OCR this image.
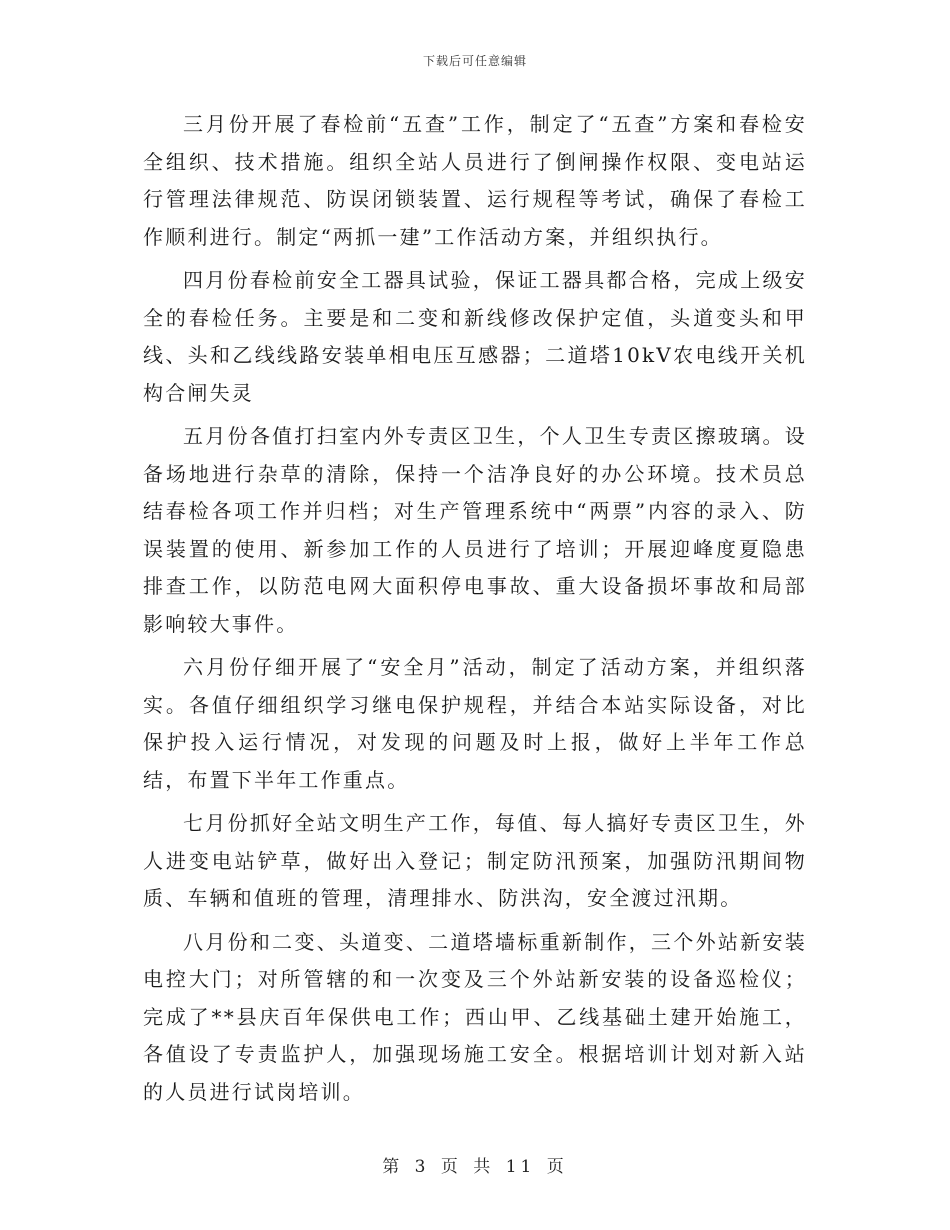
下载后可任意编辑

三月份开展了春检前“五查”工作，制定了“五查”方案和春检安全组织、技术措施。组织全站人员进行了倒闸操作权限、变电站运行管理法律规范、防误闭锁装置、运行规程等考试，确保了春检工作顺利进行。制定“两抓一建”工作活动方案，并组织执行。

四月份春检前安全工器具试验，保证工器具都合格，完成上级安全的春检任务。主要是和二变和新线修改保护定值，头道变头和甲线、头和乙线线路安装单相电压互感器；二道塔10kV农电线开关机构合闸失灵

五月份各值打扫室内外专责区卫生，个人卫生专责区擦玻璃。设备场地进行杂草的清除，保持一个洁净良好的办公环境。技术员总结春检各项工作并归档；对生产管理系统中“两票”内容的录入、防误装置的使用、新参加工作的人员进行了培训；开展迎峰度夏隐患排查工作，以防范电网大面积停电事故、重大设备损坏事故和局部影响较大事件。

六月份仔细开展了“安全月”活动，制定了活动方案，并组织落实。各值仔细组织学习继电保护规程，并结合本站实际设备，对比保护投入运行情况，对发现的问题及时上报，做好上半年工作总结，布置下半年工作重点。

七月份抓好全站文明生产工作，每值、每人搞好专责区卫生，外人进变电站铲草，做好出入登记；制定防汛预案，加强防汛期间物质、车辆和值班的管理，清理排水、防洪沟，安全渡过汛期。

八月份和二变、头道变、二道塔墙标重新制作，三个外站新安装电控大门；对所管辖的和一次变及三个外站新安装的设备巡检仪；完成了**县庆百年保供电工作；西山甲、乙线基础土建开始施工，各值设了专责监护人，加强现场施工安全。根据培训计划对新入站的人员进行试岗培训。

第 3 页 共 11 页
